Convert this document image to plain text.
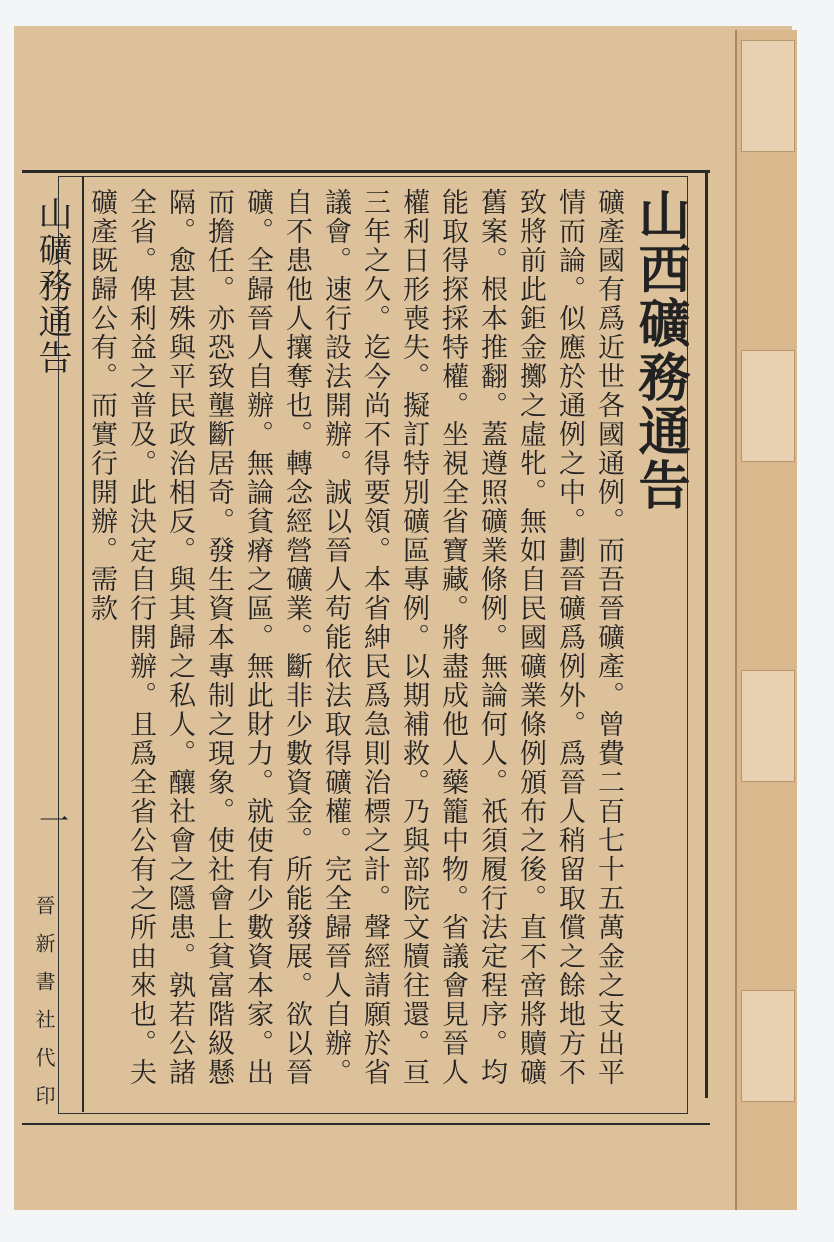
山礦務通告
一
晉新書社代印
山西礦務通告
礦產國有爲近世各國通例。而吾晉礦產。曾費二百七十五萬金之支出平情而論。似應於通例之中。劃晉礦爲例外。爲晉人稍留取償之餘地方不致將前此鉅金擲之虛牝。無如自民國礦業條例頒布之後。直不啻將贖礦舊案。根本推翻。蓋遵照礦業條例。無論何人。祇須履行法定程序。均能取得探採特權。坐視全省寶藏。將盡成他人藥籠中物。省議會見晉人權利日形喪失。擬訂特別礦區專例。以期補救。乃與部院文牘往還。亘三年之久。迄今尚不得要領。本省紳民爲急則治標之計。聲經請願於省議會。速行設法開辦。誠以晉人苟能依法取得礦權。完全歸晉人自辦。自不患他人攘奪也。轉念經營礦業。斷非少數資金。所能發展。欲以晉礦。全歸晉人自辦。無論貧瘠之區。無此財力。就使有少數資本家。出而擔任。亦恐致壟斷居奇。發生資本專制之現象。使社會上貧富階級懸隔。愈甚殊與平民政治相反。與其歸之私人。釀社會之隱患。孰若公諸全省。俾利益之普及。此決定自行開辦。且爲全省公有之所由來也。夫礦產既歸公有。而實行開辦。需款
